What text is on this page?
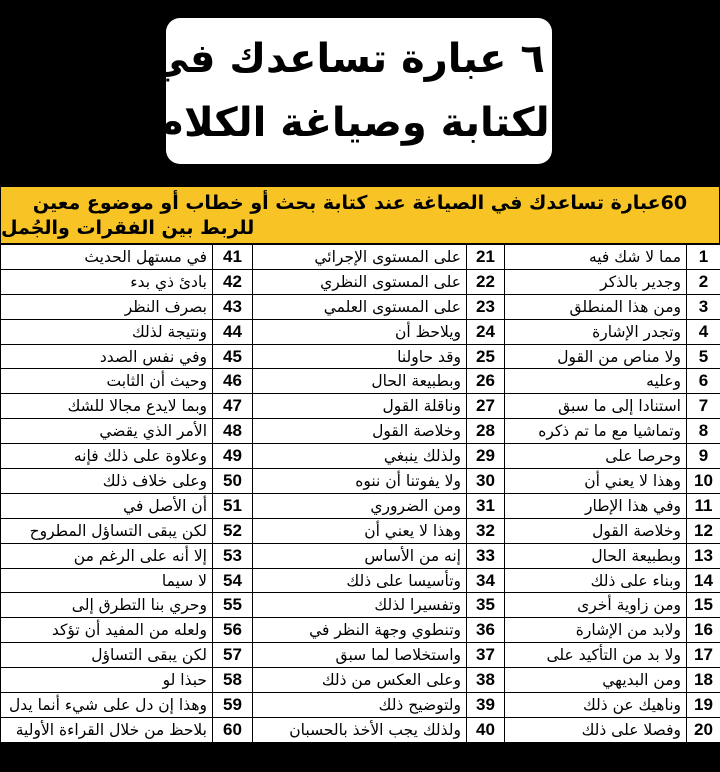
٦٠ عبارة تساعدك في
الكتابة وصياغة الكلام
60عبارة تساعدك في الصياغة عند كتابة بحث أو خطاب أو موضوع معين
للربط بين الفقرات والجُمل
1	مما لا شك فيه	21	على المستوى الإجرائي	41	في مستهل الحديث
2	وجدير بالذكر	22	على المستوى النظري	42	بادئ ذي بدء
3	ومن هذا المنطلق	23	على المستوى العلمي	43	بصرف النظر
4	وتجدر الإشارة	24	ويلاحظ أن	44	ونتيجة لذلك
5	ولا مناص من القول	25	وقد حاولنا	45	وفي نفس الصدد
6	وعليه	26	وبطبيعة الحال	46	وحيث أن الثابت
7	استنادا إلى ما سبق	27	وناقلة القول	47	وبما لايدع مجالا للشك
8	وتماشيا مع ما تم ذكره	28	وخلاصة القول	48	الأمر الذي يقضي
9	وحرصا على	29	ولذلك ينبغي	49	وعلاوة على ذلك فإنه
10	وهذا لا يعني أن	30	ولا يفوتنا أن ننوه	50	وعلى خلاف ذلك
11	وفي هذا الإطار	31	ومن الضروري	51	أن الأصل في
12	وخلاصة القول	32	وهذا لا يعني أن	52	لكن يبقى التساؤل المطروح
13	وبطبيعة الحال	33	إنه من الأساس	53	إلا أنه على الرغم من
14	وبناء على ذلك	34	وتأسيسا على ذلك	54	لا سيما
15	ومن زاوية أخرى	35	وتفسيرا لذلك	55	وحري بنا التطرق إلى
16	ولابد من الإشارة	36	وتنطوي وجهة النظر في	56	ولعله من المفيد أن تؤكد
17	ولا بد من التأكيد على	37	واستخلاصا لما سبق	57	لكن يبقى التساؤل
18	ومن البديهي	38	وعلى العكس من ذلك	58	حبذا لو
19	وناهيك عن ذلك	39	ولتوضيح ذلك	59	وهذا إن دل على شيء أنما يدل
20	وفصلا على ذلك	40	ولذلك يجب الأخذ بالحسبان	60	بلاحظ من خلال القراءة الأولية
